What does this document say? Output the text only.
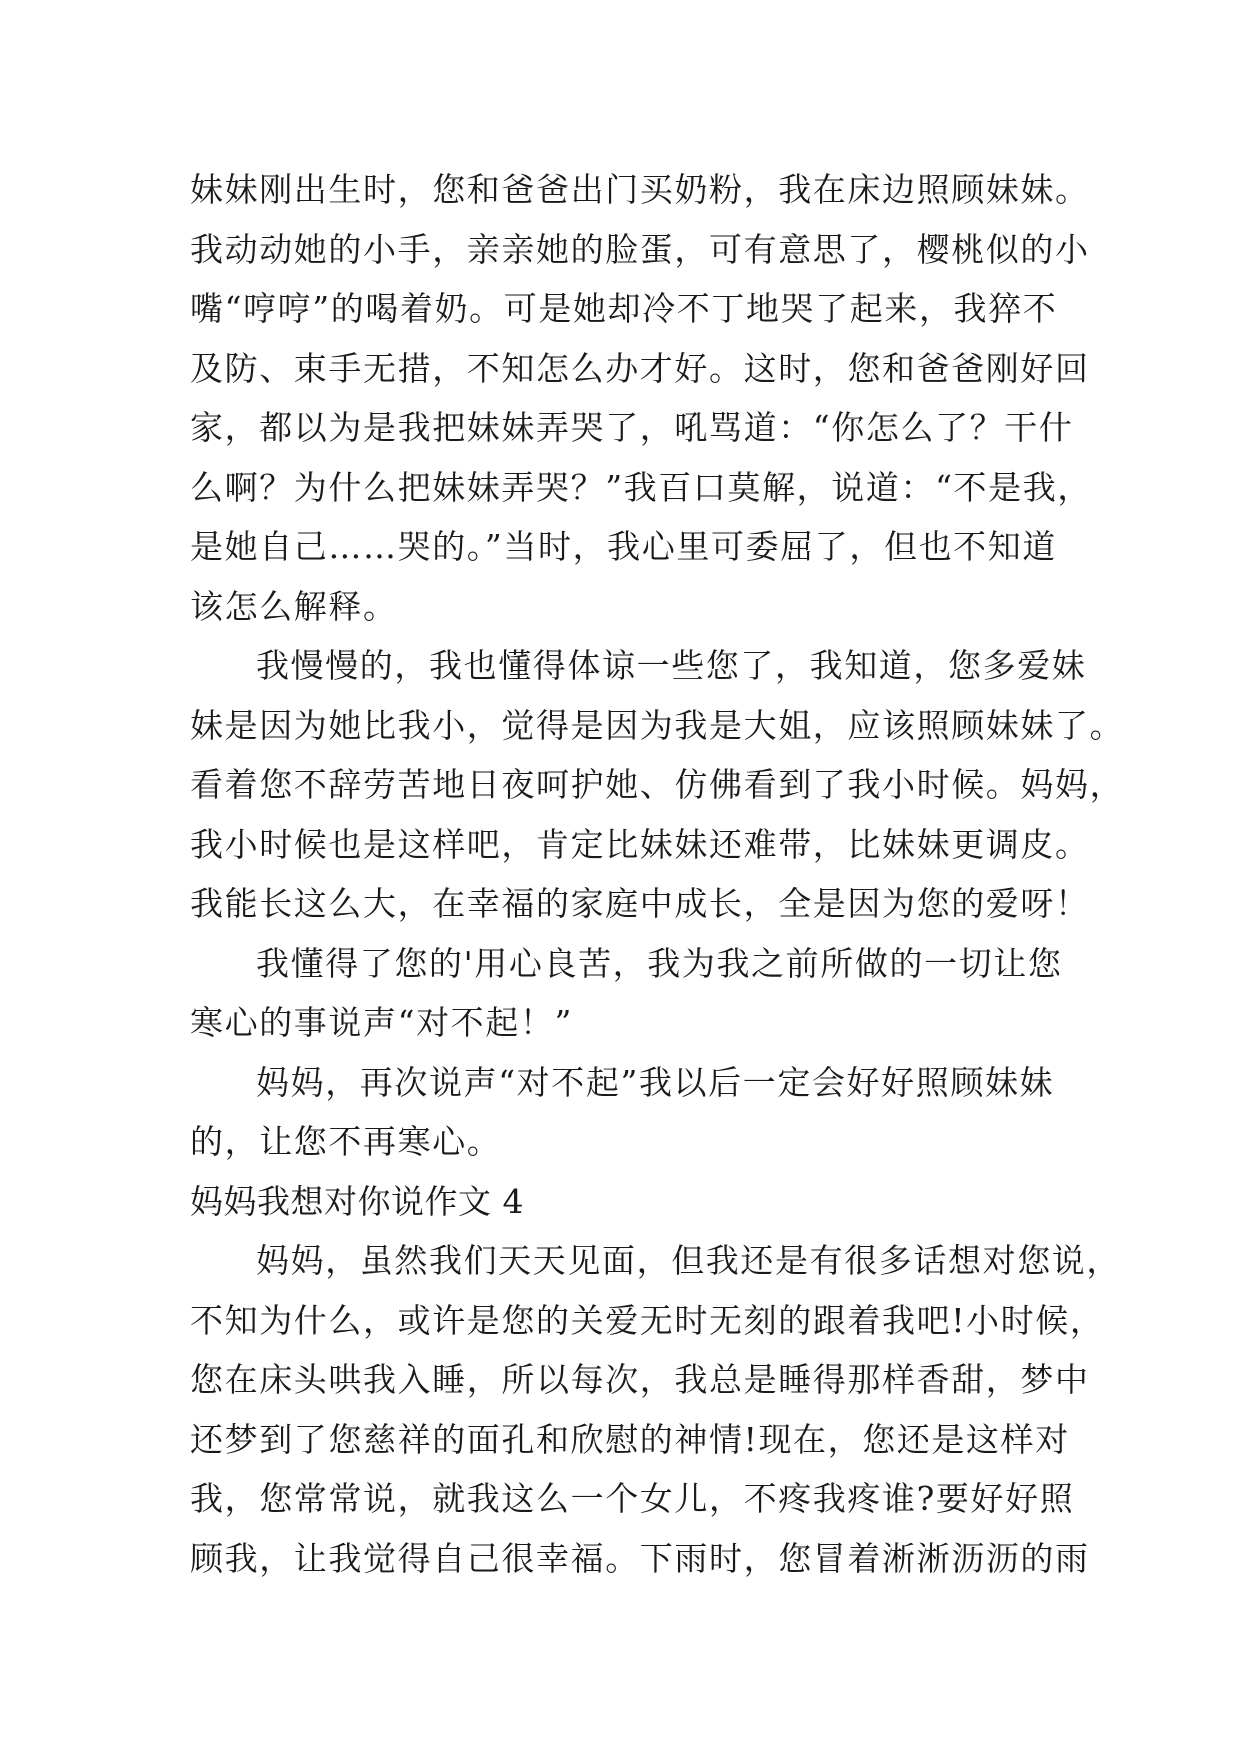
妹妹刚出生时，您和爸爸出门买奶粉，我在床边照顾妹妹。
我动动她的小手，亲亲她的脸蛋，可有意思了，樱桃似的小
嘴“哼哼”的喝着奶。可是她却冷不丁地哭了起来，我猝不
及防、束手无措，不知怎么办才好。这时，您和爸爸刚好回
家，都以为是我把妹妹弄哭了，吼骂道：“你怎么了？干什
么啊？为什么把妹妹弄哭？”我百口莫解，说道：“不是我，
是她自己……哭的。”当时，我心里可委屈了，但也不知道
该怎么解释。
我慢慢的，我也懂得体谅一些您了，我知道，您多爱妹
妹是因为她比我小，觉得是因为我是大姐，应该照顾妹妹了。
看着您不辞劳苦地日夜呵护她、仿佛看到了我小时候。妈妈，
我小时候也是这样吧，肯定比妹妹还难带，比妹妹更调皮。
我能长这么大，在幸福的家庭中成长，全是因为您的爱呀！
我懂得了您的'用心良苦，我为我之前所做的一切让您
寒心的事说声“对不起！”
妈妈，再次说声“对不起”我以后一定会好好照顾妹妹
的，让您不再寒心。
妈妈我想对你说作文 4
妈妈，虽然我们天天见面，但我还是有很多话想对您说，
不知为什么，或许是您的关爱无时无刻的跟着我吧!小时候，
您在床头哄我入睡，所以每次，我总是睡得那样香甜，梦中
还梦到了您慈祥的面孔和欣慰的神情!现在，您还是这样对
我，您常常说，就我这么一个女儿，不疼我疼谁?要好好照
顾我，让我觉得自己很幸福。下雨时，您冒着淅淅沥沥的雨
